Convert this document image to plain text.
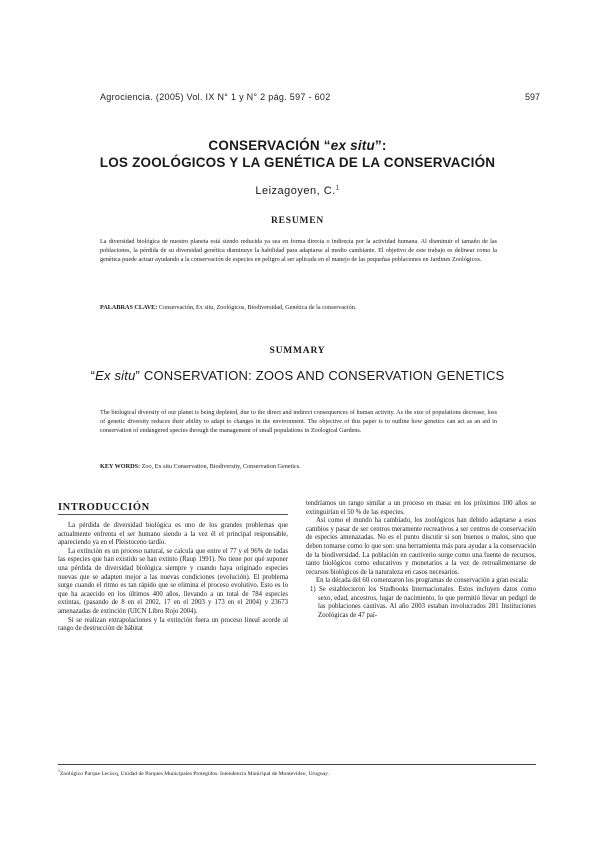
Agrociencia. (2005) Vol. IX N° 1 y N° 2 pág. 597 - 602	597
CONSERVACIÓN “ex situ”:
LOS ZOOLÓGICOS Y LA GENÉTICA DE LA CONSERVACIÓN
Leizagoyen, C.$^1$
RESUMEN
La diversidad biológica de nuestro planeta está siendo reducida ya sea en forma directa o indirecta por la actividad humana. Al disminuir el tamaño de las poblaciones, la pérdida de su diversidad genética disminuye la habilidad para adaptarse al medio cambiante. El objetivo de este trabajo es delinear como la genética puede actuar ayudando a la conservación de especies en peligro al ser aplicada en el manejo de las pequeñas poblaciones en Jardines Zoológicos.
PALABRAS CLAVE: Conservación, Ex situ, Zoológicos, Biodiversidad, Genética de la conservación.
SUMMARY
“Ex situ” CONSERVATION: ZOOS AND CONSERVATION GENETICS
The biological diversity of our planet is being depleted, due to the direct and indirect consequences of human activity. As the size of populations decrease, loss of genetic diversity reduces their ability to adapt to changes in the environment. The objective of this paper is to outline how genetics can act as an aid in conservation of endangered species through the management of small populations in Zoological Gardens.
KEY WORDS: Zoo, Ex situ Conservation, Biodiversity, Conservation Genetics.
INTRODUCCIÓN

La pérdida de diversidad biológica es uno de los grandes problemas que actualmente enfrenta el ser humano siendo a la vez él el principal responsable, apareciendo ya en el Pleistoceno tardío.

La extinción es un proceso natural, se calcula que entre el 77 y el 96% de todas las especies que han existido se han extinto (Raup 1991). No tiene por qué suponer una pérdida de diversidad biológica siempre y cuando haya originado especies nuevas que se adapten mejor a las nuevas condiciones (evolución). El problema surge cuando el ritmo es tan rápido que se elimina el proceso evolutivo. Esto es lo que ha acaecido en los últimos 400 años, llevando a un total de 784 especies extintas, (pasando de 8 en el 2002, 17 en el 2003 y 173 en el 2004) y 23673 amenazadas de extinción (UICN Libro Rojo 2004).

Si se realizan extrapolaciones y la extinción fuera un proceso lineal acorde al rango de destrucción de hábitat

tendríamos un rango similar a un proceso en masa: en los próximos 100 años se extinguirían el 50 % de las especies.

Así como el mundo ha cambiado, los zoológicos han debido adaptarse a esos cambios y pasar de ser centros meramente recreativos a ser centros de conservación de especies amenazadas. No es el punto discutir si son buenos o malos, sino que deben tomarse como lo que son: una herramienta más para ayudar a la conservación de la biodiversidad. La población en cautiverio surge como una fuente de recursos, tanto biológicos como educativos y monetarios a la vez de retroalimentarse de recursos biológicos de la naturaleza en casos necesarios.

En la década del 60 comenzaron los programas de conservación a gran escala:

1) Se establecieron los Studbooks Internacionales. Estos incluyen datos como sexo, edad, ancestros, lugar de nacimiento, lo que permitió llevar un pedigrí de las poblaciones cautivas. Al año 2003 estaban involucrados 281 Instituciones Zoológicas de 47 paí-

$^1$Zoológico Parque Lecocq, Unidad de Parques Municipales Protegidos. Intendencia Municipal de Montevideo, Uruguay.
